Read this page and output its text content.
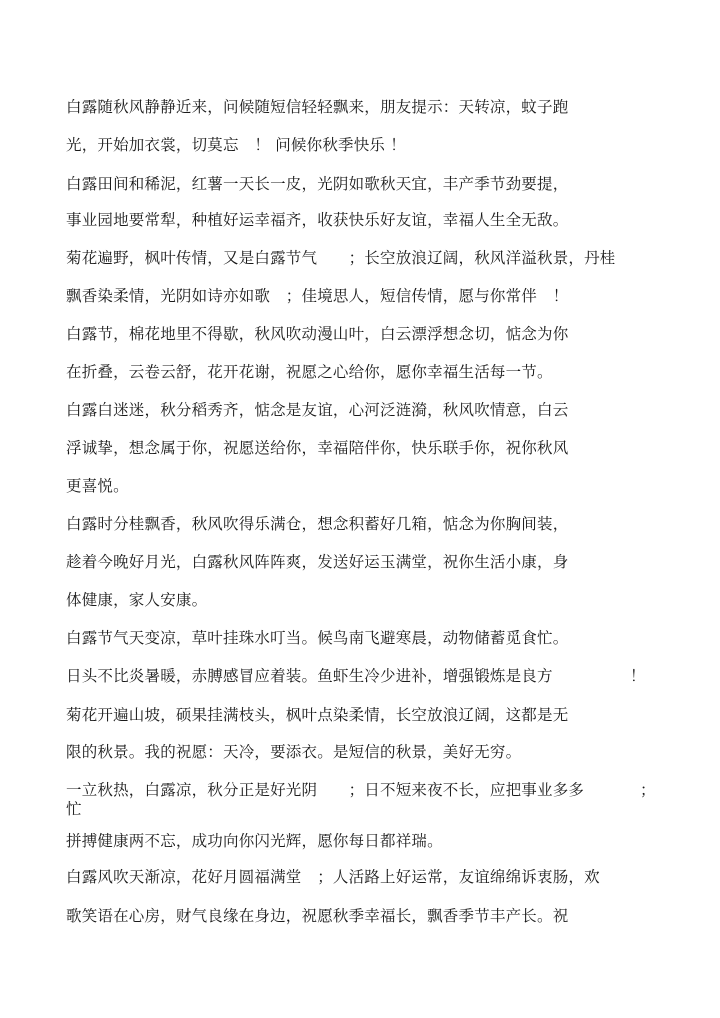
白露随秋风静静近来，问候随短信轻轻飘来，朋友提示：天转凉，蚊子跑
光，开始加衣裳，切莫忘　！ 问候你秋季快乐 ！
白露田间和稀泥，红薯一天长一皮，光阴如歌秋天宜，丰产季节劲要提，
事业园地要常犁，种植好运幸福齐，收获快乐好友谊，幸福人生全无敌。
菊花遍野，枫叶传情，又是白露节气　　；长空放浪辽阔，秋风洋溢秋景，丹桂
飘香染柔情，光阴如诗亦如歌　；佳境思人，短信传情，愿与你常伴　！
白露节，棉花地里不得歇，秋风吹动漫山叶，白云漂浮想念切，惦念为你
在折叠，云卷云舒，花开花谢，祝愿之心给你，愿你幸福生活每一节。
白露白迷迷，秋分稻秀齐，惦念是友谊，心河泛涟漪，秋风吹情意，白云
浮诚挚，想念属于你，祝愿送给你，幸福陪伴你，快乐联手你，祝你秋风
更喜悦。
白露时分桂飘香，秋风吹得乐满仓，想念积蓄好几箱，惦念为你胸间装，
趁着今晚好月光，白露秋风阵阵爽，发送好运玉满堂，祝你生活小康，身
体健康，家人安康。
白露节气天变凉，草叶挂珠水叮当。候鸟南飞避寒晨，动物储蓄觅食忙。
日头不比炎暑暖，赤膊感冒应着装。鱼虾生冷少进补，增强锻炼是良方	！
菊花开遍山坡，硕果挂满枝头，枫叶点染柔情，长空放浪辽阔，这都是无
限的秋景。我的祝愿：天冷，要添衣。是短信的秋景，美好无穷。
一立秋热，白露凉，秋分正是好光阴　　；日不短来夜不长，应把事业多多	；
忙
拼搏健康两不忘，成功向你闪光辉，愿你每日都祥瑞。
白露风吹天渐凉，花好月圆福满堂　；人活路上好运常，友谊绵绵诉衷肠，欢
歌笑语在心房，财气良缘在身边，祝愿秋季幸福长，飘香季节丰产长。祝
